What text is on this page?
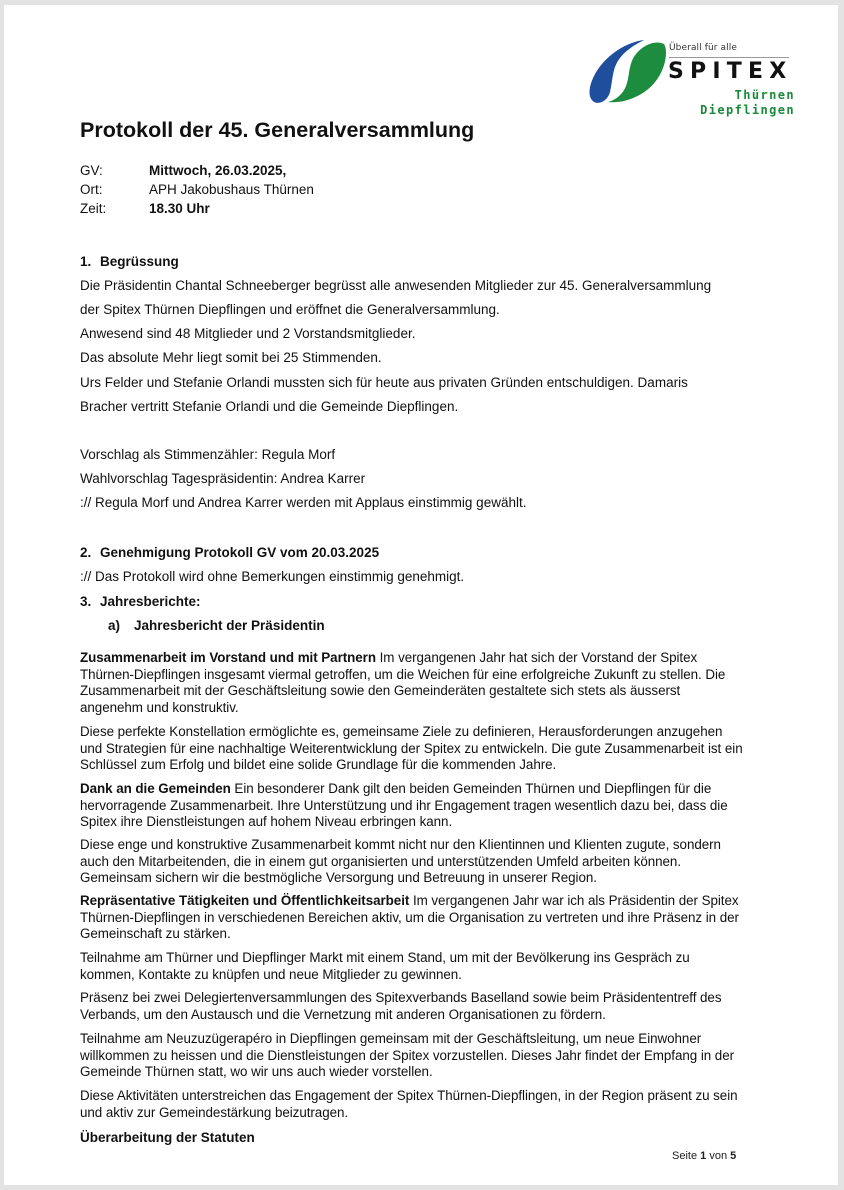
Überall für alle
SPITEX
Thürnen
Diepflingen
Protokoll der 45. Generalversammlung
GV:	Mittwoch, 26.03.2025,
Ort:	APH Jakobushaus Thürnen
Zeit:	18.30 Uhr
1. Begrüssung
Die Präsidentin Chantal Schneeberger begrüsst alle anwesenden Mitglieder zur 45. Generalversammlung
der Spitex Thürnen Diepflingen und eröffnet die Generalversammlung.
Anwesend sind 48 Mitglieder und 2 Vorstandsmitglieder.
Das absolute Mehr liegt somit bei 25 Stimmenden.
Urs Felder und Stefanie Orlandi mussten sich für heute aus privaten Gründen entschuldigen. Damaris
Bracher vertritt Stefanie Orlandi und die Gemeinde Diepflingen.
Vorschlag als Stimmenzähler: Regula Morf
Wahlvorschlag Tagespräsidentin: Andrea Karrer
:// Regula Morf und Andrea Karrer werden mit Applaus einstimmig gewählt.
2. Genehmigung Protokoll GV vom 20.03.2025
:// Das Protokoll wird ohne Bemerkungen einstimmig genehmigt.
3. Jahresberichte:
a) Jahresbericht der Präsidentin
Zusammenarbeit im Vorstand und mit Partnern Im vergangenen Jahr hat sich der Vorstand der Spitex Thürnen-Diepflingen insgesamt viermal getroffen, um die Weichen für eine erfolgreiche Zukunft zu stellen. Die Zusammenarbeit mit der Geschäftsleitung sowie den Gemeinderäten gestaltete sich stets als äusserst angenehm und konstruktiv.
Diese perfekte Konstellation ermöglichte es, gemeinsame Ziele zu definieren, Herausforderungen anzugehen und Strategien für eine nachhaltige Weiterentwicklung der Spitex zu entwickeln. Die gute Zusammenarbeit ist ein Schlüssel zum Erfolg und bildet eine solide Grundlage für die kommenden Jahre.
Dank an die Gemeinden Ein besonderer Dank gilt den beiden Gemeinden Thürnen und Diepflingen für die hervorragende Zusammenarbeit. Ihre Unterstützung und ihr Engagement tragen wesentlich dazu bei, dass die Spitex ihre Dienstleistungen auf hohem Niveau erbringen kann.
Diese enge und konstruktive Zusammenarbeit kommt nicht nur den Klientinnen und Klienten zugute, sondern auch den Mitarbeitenden, die in einem gut organisierten und unterstützenden Umfeld arbeiten können. Gemeinsam sichern wir die bestmögliche Versorgung und Betreuung in unserer Region.
Repräsentative Tätigkeiten und Öffentlichkeitsarbeit Im vergangenen Jahr war ich als Präsidentin der Spitex Thürnen-Diepflingen in verschiedenen Bereichen aktiv, um die Organisation zu vertreten und ihre Präsenz in der Gemeinschaft zu stärken.
Teilnahme am Thürner und Diepflinger Markt mit einem Stand, um mit der Bevölkerung ins Gespräch zu kommen, Kontakte zu knüpfen und neue Mitglieder zu gewinnen.
Präsenz bei zwei Delegiertenversammlungen des Spitexverbands Baselland sowie beim Präsidententreff des Verbands, um den Austausch und die Vernetzung mit anderen Organisationen zu fördern.
Teilnahme am Neuzuzügerapéro in Diepflingen gemeinsam mit der Geschäftsleitung, um neue Einwohner willkommen zu heissen und die Dienstleistungen der Spitex vorzustellen. Dieses Jahr findet der Empfang in der Gemeinde Thürnen statt, wo wir uns auch wieder vorstellen.
Diese Aktivitäten unterstreichen das Engagement der Spitex Thürnen-Diepflingen, in der Region präsent zu sein und aktiv zur Gemeindestärkung beizutragen.
Überarbeitung der Statuten
Seite 1 von 5
